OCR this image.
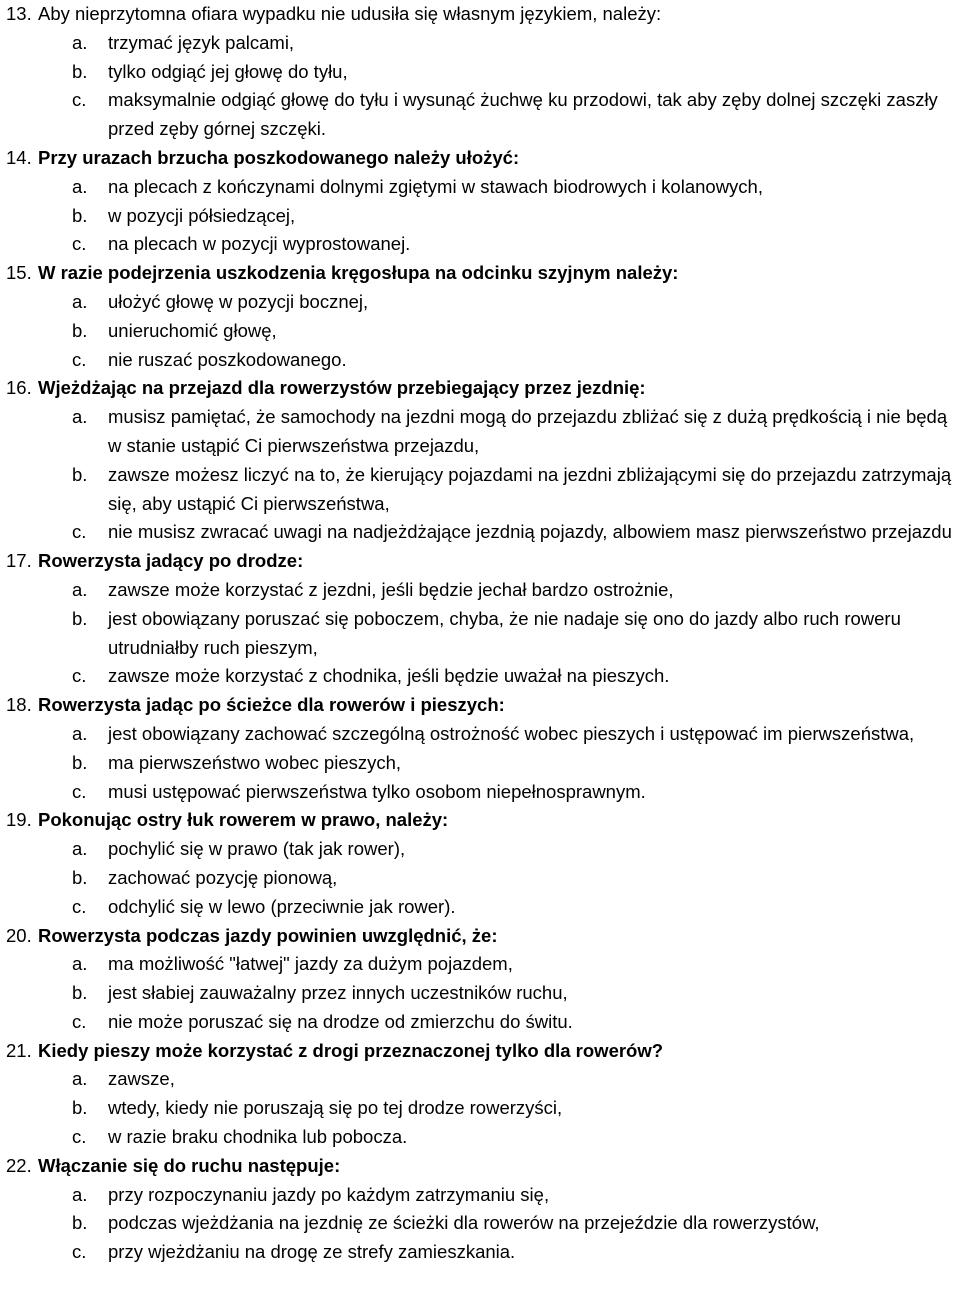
13. Aby nieprzytomna ofiara wypadku nie udusiła się własnym językiem, należy:
a.	trzymać język palcami,
b.	tylko odgiąć jej głowę do tyłu,
c.	maksymalnie odgiąć głowę do tyłu i wysunąć żuchwę ku przodowi, tak aby zęby dolnej szczęki zaszły przed zęby górnej szczęki.
14. Przy urazach brzucha poszkodowanego należy ułożyć:
a.	na plecach z kończynami dolnymi zgiętymi w stawach biodrowych i kolanowych,
b.	w pozycji półsiedzącej,
c.	na plecach w pozycji wyprostowanej.
15. W razie podejrzenia uszkodzenia kręgosłupa na odcinku szyjnym należy:
a.	ułożyć głowę w pozycji bocznej,
b.	unieruchomić głowę,
c.	nie ruszać poszkodowanego.
16. Wjeżdżając na przejazd dla rowerzystów przebiegający przez jezdnię:
a.	musisz pamiętać, że samochody na jezdni mogą do przejazdu zbliżać się z dużą prędkością i nie będą w stanie ustąpić Ci pierwszeństwa przejazdu,
b.	zawsze możesz liczyć na to, że kierujący pojazdami na jezdni zbliżającymi się do przejazdu zatrzymają się, aby ustąpić Ci pierwszeństwa,
c.	nie musisz zwracać uwagi na nadjeżdżające jezdnią pojazdy, albowiem masz pierwszeństwo przejazdu
17. Rowerzysta jadący po drodze:
a.	zawsze może korzystać z jezdni, jeśli będzie jechał bardzo ostrożnie,
b.	jest obowiązany poruszać się poboczem, chyba, że nie nadaje się ono do jazdy albo ruch roweru utrudniałby ruch pieszym,
c.	zawsze może korzystać z chodnika, jeśli będzie uważał na pieszych.
18. Rowerzysta jadąc po ścieżce dla rowerów i pieszych:
a.	jest obowiązany zachować szczególną ostrożność wobec pieszych i ustępować im pierwszeństwa,
b.	ma pierwszeństwo wobec pieszych,
c.	musi ustępować pierwszeństwa tylko osobom niepełnosprawnym.
19. Pokonując ostry łuk rowerem w prawo, należy:
a.	pochylić się w prawo (tak jak rower),
b.	zachować pozycję pionową,
c.	odchylić się w lewo (przeciwnie jak rower).
20. Rowerzysta podczas jazdy powinien uwzględnić, że:
a.	ma możliwość "łatwej" jazdy za dużym pojazdem,
b.	jest słabiej zauważalny przez innych uczestników ruchu,
c.	nie może poruszać się na drodze od zmierzchu do świtu.
21. Kiedy pieszy może korzystać z drogi przeznaczonej tylko dla rowerów?
a.	zawsze,
b.	wtedy, kiedy nie poruszają się po tej drodze rowerzyści,
c.	w razie braku chodnika lub pobocza.
22. Włączanie się do ruchu następuje:
a.	przy rozpoczynaniu jazdy po każdym zatrzymaniu się,
b.	podczas wjeżdżania na jezdnię ze ścieżki dla rowerów na przejeździe dla rowerzystów,
c.	przy wjeżdżaniu na drogę ze strefy zamieszkania.
